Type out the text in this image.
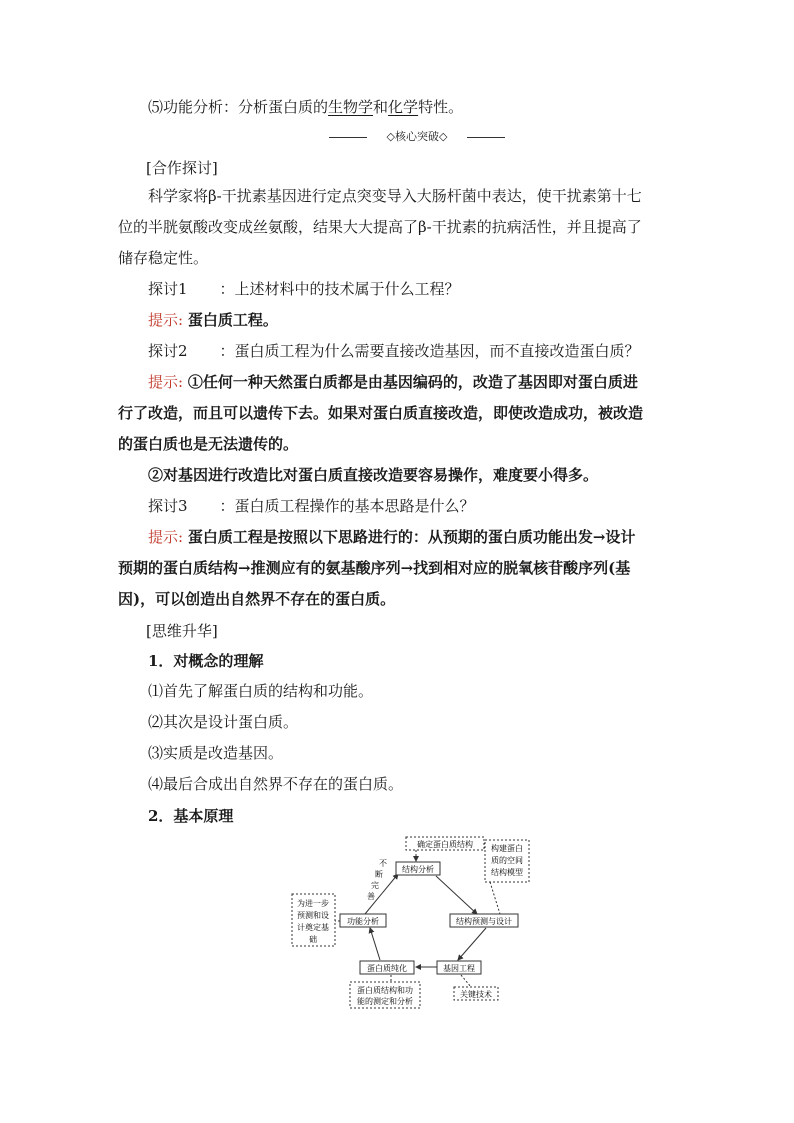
⑸功能分析：分析蛋白质的生物学和化学特性。
◇核心突破◇
[合作探讨]
科学家将β-干扰素基因进行定点突变导入大肠杆菌中表达，使干扰素第十七
位的半胱氨酸改变成丝氨酸，结果大大提高了β-干扰素的抗病活性，并且提高了
储存稳定性。
探讨1 ：上述材料中的技术属于什么工程？
提示: 蛋白质工程。
探讨2 ：蛋白质工程为什么需要直接改造基因，而不直接改造蛋白质？
提示: ①任何一种天然蛋白质都是由基因编码的，改造了基因即对蛋白质进
行了改造，而且可以遗传下去。如果对蛋白质直接改造，即使改造成功，被改造
的蛋白质也是无法遗传的。
②对基因进行改造比对蛋白质直接改造要容易操作，难度要小得多。
探讨3 ：蛋白质工程操作的基本思路是什么？
提示: 蛋白质工程是按照以下思路进行的：从预期的蛋白质功能出发→设计
预期的蛋白质结构→推测应有的氨基酸序列→找到相对应的脱氧核苷酸序列(基
因)，可以创造出自然界不存在的蛋白质。
[思维升华]
1．对概念的理解
⑴首先了解蛋白质的结构和功能。
⑵其次是设计蛋白质。
⑶实质是改造基因。
⑷最后合成出自然界不存在的蛋白质。
2．基本原理
确定蛋白质结构
结构分析
构建蛋白
质的空间
结构模型
结构预测与设计
基因工程
关键技术
蛋白质纯化
蛋白质结构和功
能的测定和分析
功能分析
为进一步
预测和设
计奠定基
础
不
断
完
善
